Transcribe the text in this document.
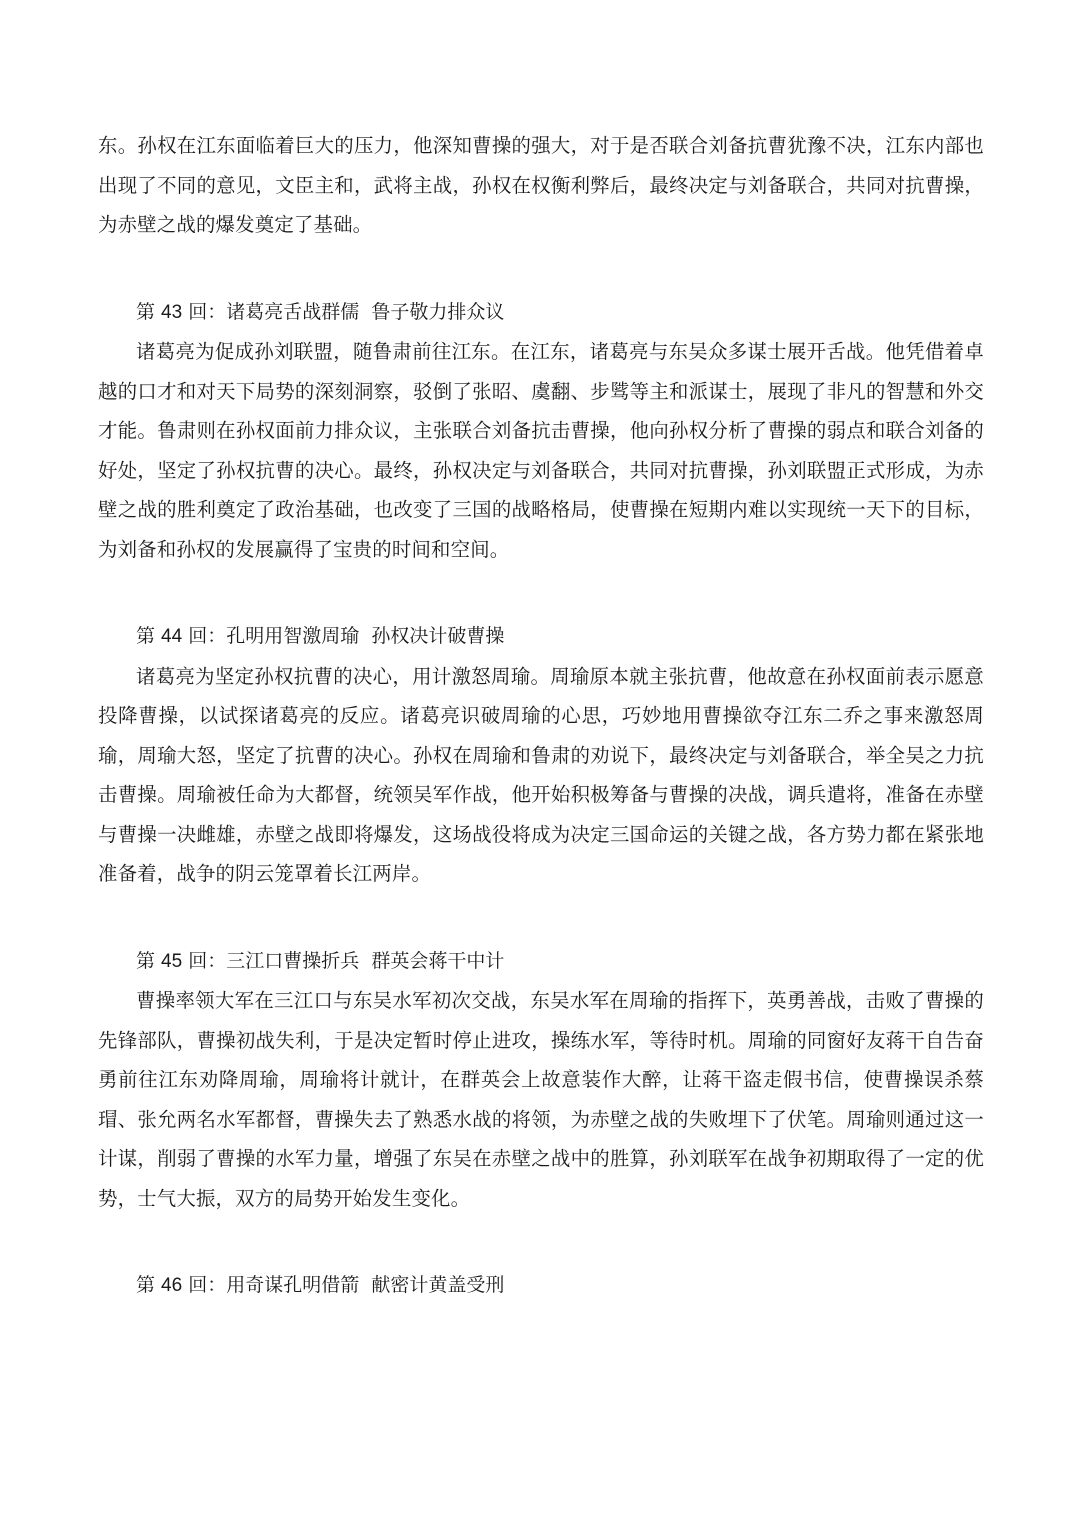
东。孙权在江东面临着巨大的压力，他深知曹操的强大，对于是否联合刘备抗曹犹豫不决，江东内部也出现了不同的意见，文臣主和，武将主战，孙权在权衡利弊后，最终决定与刘备联合，共同对抗曹操，为赤壁之战的爆发奠定了基础。

第 43 回：诸葛亮舌战群儒  鲁子敬力排众议

诸葛亮为促成孙刘联盟，随鲁肃前往江东。在江东，诸葛亮与东吴众多谋士展开舌战。他凭借着卓越的口才和对天下局势的深刻洞察，驳倒了张昭、虞翻、步骘等主和派谋士，展现了非凡的智慧和外交才能。鲁肃则在孙权面前力排众议，主张联合刘备抗击曹操，他向孙权分析了曹操的弱点和联合刘备的好处，坚定了孙权抗曹的决心。最终，孙权决定与刘备联合，共同对抗曹操，孙刘联盟正式形成，为赤壁之战的胜利奠定了政治基础，也改变了三国的战略格局，使曹操在短期内难以实现统一天下的目标，为刘备和孙权的发展赢得了宝贵的时间和空间。

第 44 回：孔明用智激周瑜  孙权决计破曹操

诸葛亮为坚定孙权抗曹的决心，用计激怒周瑜。周瑜原本就主张抗曹，他故意在孙权面前表示愿意投降曹操，以试探诸葛亮的反应。诸葛亮识破周瑜的心思，巧妙地用曹操欲夺江东二乔之事来激怒周瑜，周瑜大怒，坚定了抗曹的决心。孙权在周瑜和鲁肃的劝说下，最终决定与刘备联合，举全吴之力抗击曹操。周瑜被任命为大都督，统领吴军作战，他开始积极筹备与曹操的决战，调兵遣将，准备在赤壁与曹操一决雌雄，赤壁之战即将爆发，这场战役将成为决定三国命运的关键之战，各方势力都在紧张地准备着，战争的阴云笼罩着长江两岸。

第 45 回：三江口曹操折兵  群英会蒋干中计

曹操率领大军在三江口与东吴水军初次交战，东吴水军在周瑜的指挥下，英勇善战，击败了曹操的先锋部队，曹操初战失利，于是决定暂时停止进攻，操练水军，等待时机。周瑜的同窗好友蒋干自告奋勇前往江东劝降周瑜，周瑜将计就计，在群英会上故意装作大醉，让蒋干盗走假书信，使曹操误杀蔡瑁、张允两名水军都督，曹操失去了熟悉水战的将领，为赤壁之战的失败埋下了伏笔。周瑜则通过这一计谋，削弱了曹操的水军力量，增强了东吴在赤壁之战中的胜算，孙刘联军在战争初期取得了一定的优势，士气大振，双方的局势开始发生变化。

第 46 回：用奇谋孔明借箭  献密计黄盖受刑
